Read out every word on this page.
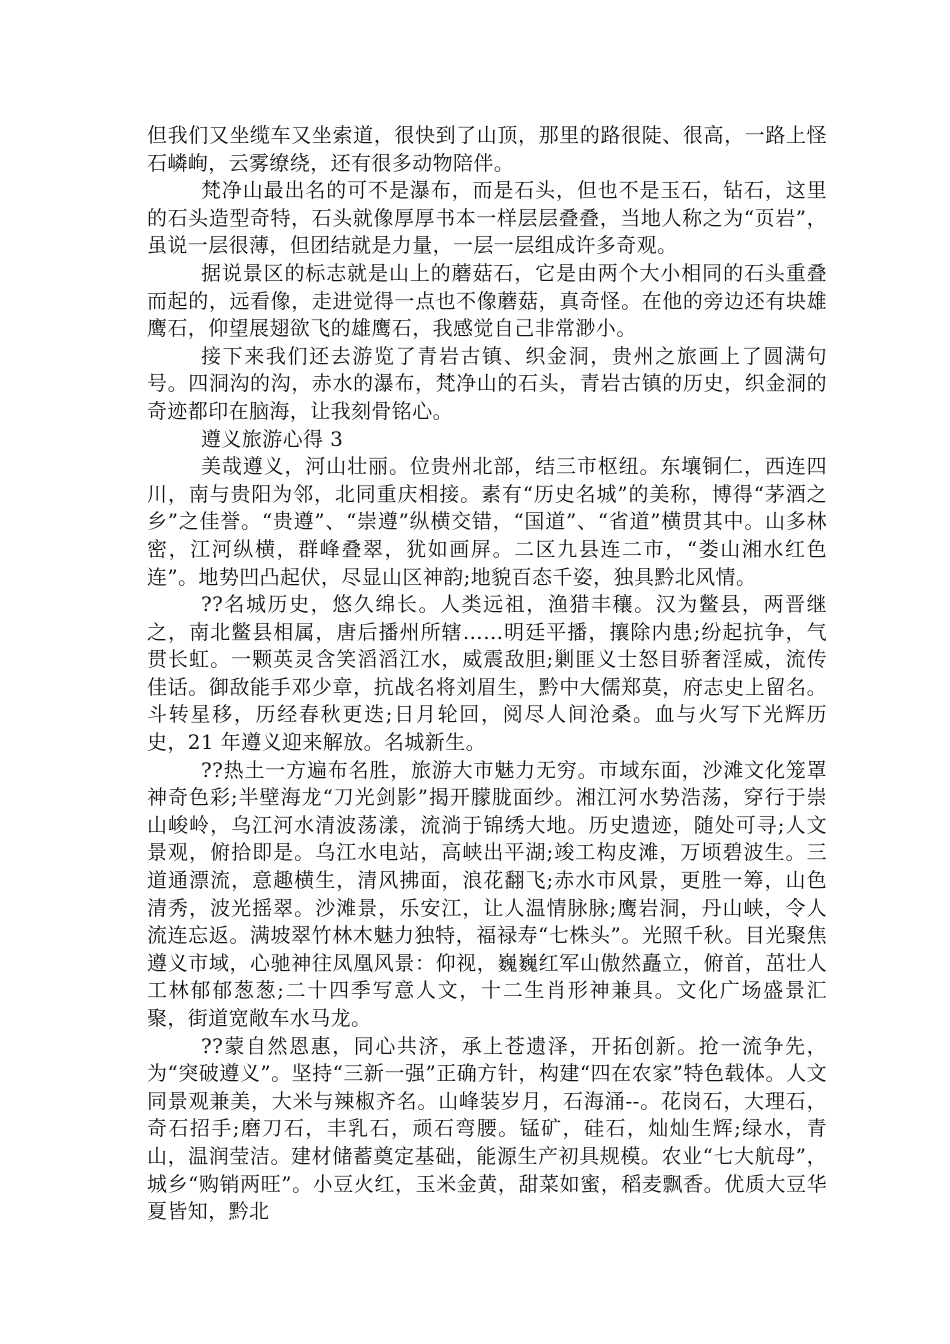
但我们又坐缆车又坐索道，很快到了山顶，那里的路很陡、很高，一路上怪石嶙峋，云雾缭绕，还有很多动物陪伴。

梵净山最出名的可不是瀑布，而是石头，但也不是玉石，钻石，这里的石头造型奇特，石头就像厚厚书本一样层层叠叠，当地人称之为“页岩”，虽说一层很薄，但团结就是力量，一层一层组成许多奇观。

据说景区的标志就是山上的蘑菇石，它是由两个大小相同的石头重叠而起的，远看像，走进觉得一点也不像蘑菇，真奇怪。在他的旁边还有块雄鹰石，仰望展翅欲飞的雄鹰石，我感觉自己非常渺小。

接下来我们还去游览了青岩古镇、织金洞，贵州之旅画上了圆满句号。四洞沟的沟，赤水的瀑布，梵净山的石头，青岩古镇的历史，织金洞的奇迹都印在脑海，让我刻骨铭心。

遵义旅游心得 3

美哉遵义，河山壮丽。位贵州北部，结三市枢纽。东壤铜仁，西连四川，南与贵阳为邻，北同重庆相接。素有“历史名城”的美称，博得“茅酒之乡”之佳誉。“贵遵”、“崇遵”纵横交错，“国道”、“省道”横贯其中。山多林密，江河纵横，群峰叠翠，犹如画屏。二区九县连二市，“娄山湘水红色连”。地势凹凸起伏，尽显山区神韵;地貌百态千姿，独具黔北风情。

??名城历史，悠久绵长。人类远祖，渔猎丰穰。汉为鳖县，两晋继之，南北鳖县相属，唐后播州所辖……明廷平播，攘除内患;纷起抗争，气贯长虹。一颗英灵含笑滔滔江水，威震敌胆;剿匪义士怒目骄奢淫威，流传佳话。御敌能手邓少章，抗战名将刘眉生，黔中大儒郑莫，府志史上留名。斗转星移，历经春秋更迭;日月轮回，阅尽人间沧桑。血与火写下光辉历史，21 年遵义迎来解放。名城新生。

??热土一方遍布名胜，旅游大市魅力无穷。市域东面，沙滩文化笼罩神奇色彩;半壁海龙“刀光剑影”揭开朦胧面纱。湘江河水势浩荡，穿行于崇山峻岭，乌江河水清波荡漾，流淌于锦绣大地。历史遗迹，随处可寻;人文景观，俯拾即是。乌江水电站，高峡出平湖;竣工构皮滩，万顷碧波生。三道通漂流，意趣横生，清风拂面，浪花翻飞;赤水市风景，更胜一筹，山色清秀，波光摇翠。沙滩景，乐安江，让人温情脉脉;鹰岩洞，丹山峡，令人流连忘返。满坡翠竹林木魅力独特，福禄寿“七株头”。光照千秋。目光聚焦遵义市域，心驰神往凤凰风景：仰视，巍巍红军山傲然矗立，俯首，茁壮人工林郁郁葱葱;二十四季写意人文，十二生肖形神兼具。文化广场盛景汇聚，街道宽敞车水马龙。

??蒙自然恩惠，同心共济，承上苍遗泽，开拓创新。抢一流争先，为“突破遵义”。坚持“三新一强”正确方针，构建“四在农家”特色载体。人文同景观兼美，大米与辣椒齐名。山峰装岁月，石海涌--。花岗石，大理石，奇石招手;磨刀石，丰乳石，顽石弯腰。锰矿，硅石，灿灿生辉;绿水，青山，温润莹洁。建材储蓄奠定基础，能源生产初具规模。农业“七大航母”，城乡“购销两旺”。小豆火红，玉米金黄，甜菜如蜜，稻麦飘香。优质大豆华夏皆知，黔北
